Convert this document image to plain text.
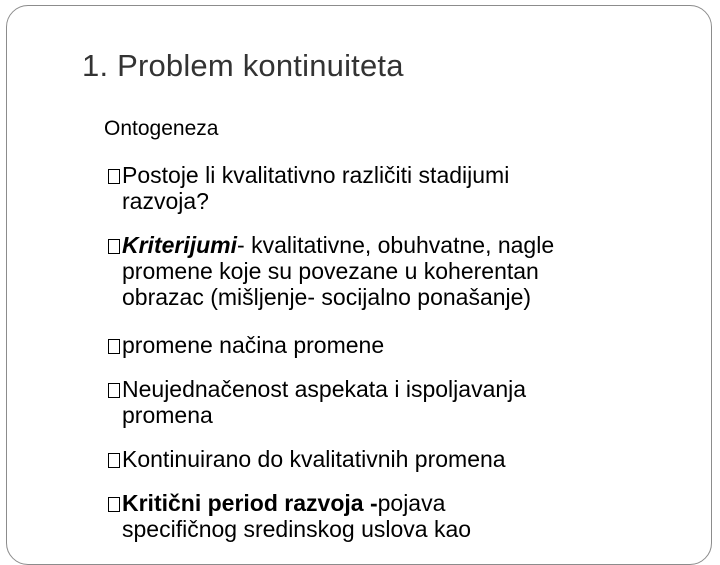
1. Problem kontinuiteta
Ontogeneza
Postoje li kvalitativno različiti stadijumi
razvoja?
Kriterijumi- kvalitativne, obuhvatne, nagle
promene koje su povezane u koherentan
obrazac (mišljenje- socijalno ponašanje)
promene načina promene
Neujednačenost aspekata i ispoljavanja
promena
Kontinuirano do kvalitativnih promena
Kritični period razvoja -pojava
specifičnog sredinskog uslova kao
